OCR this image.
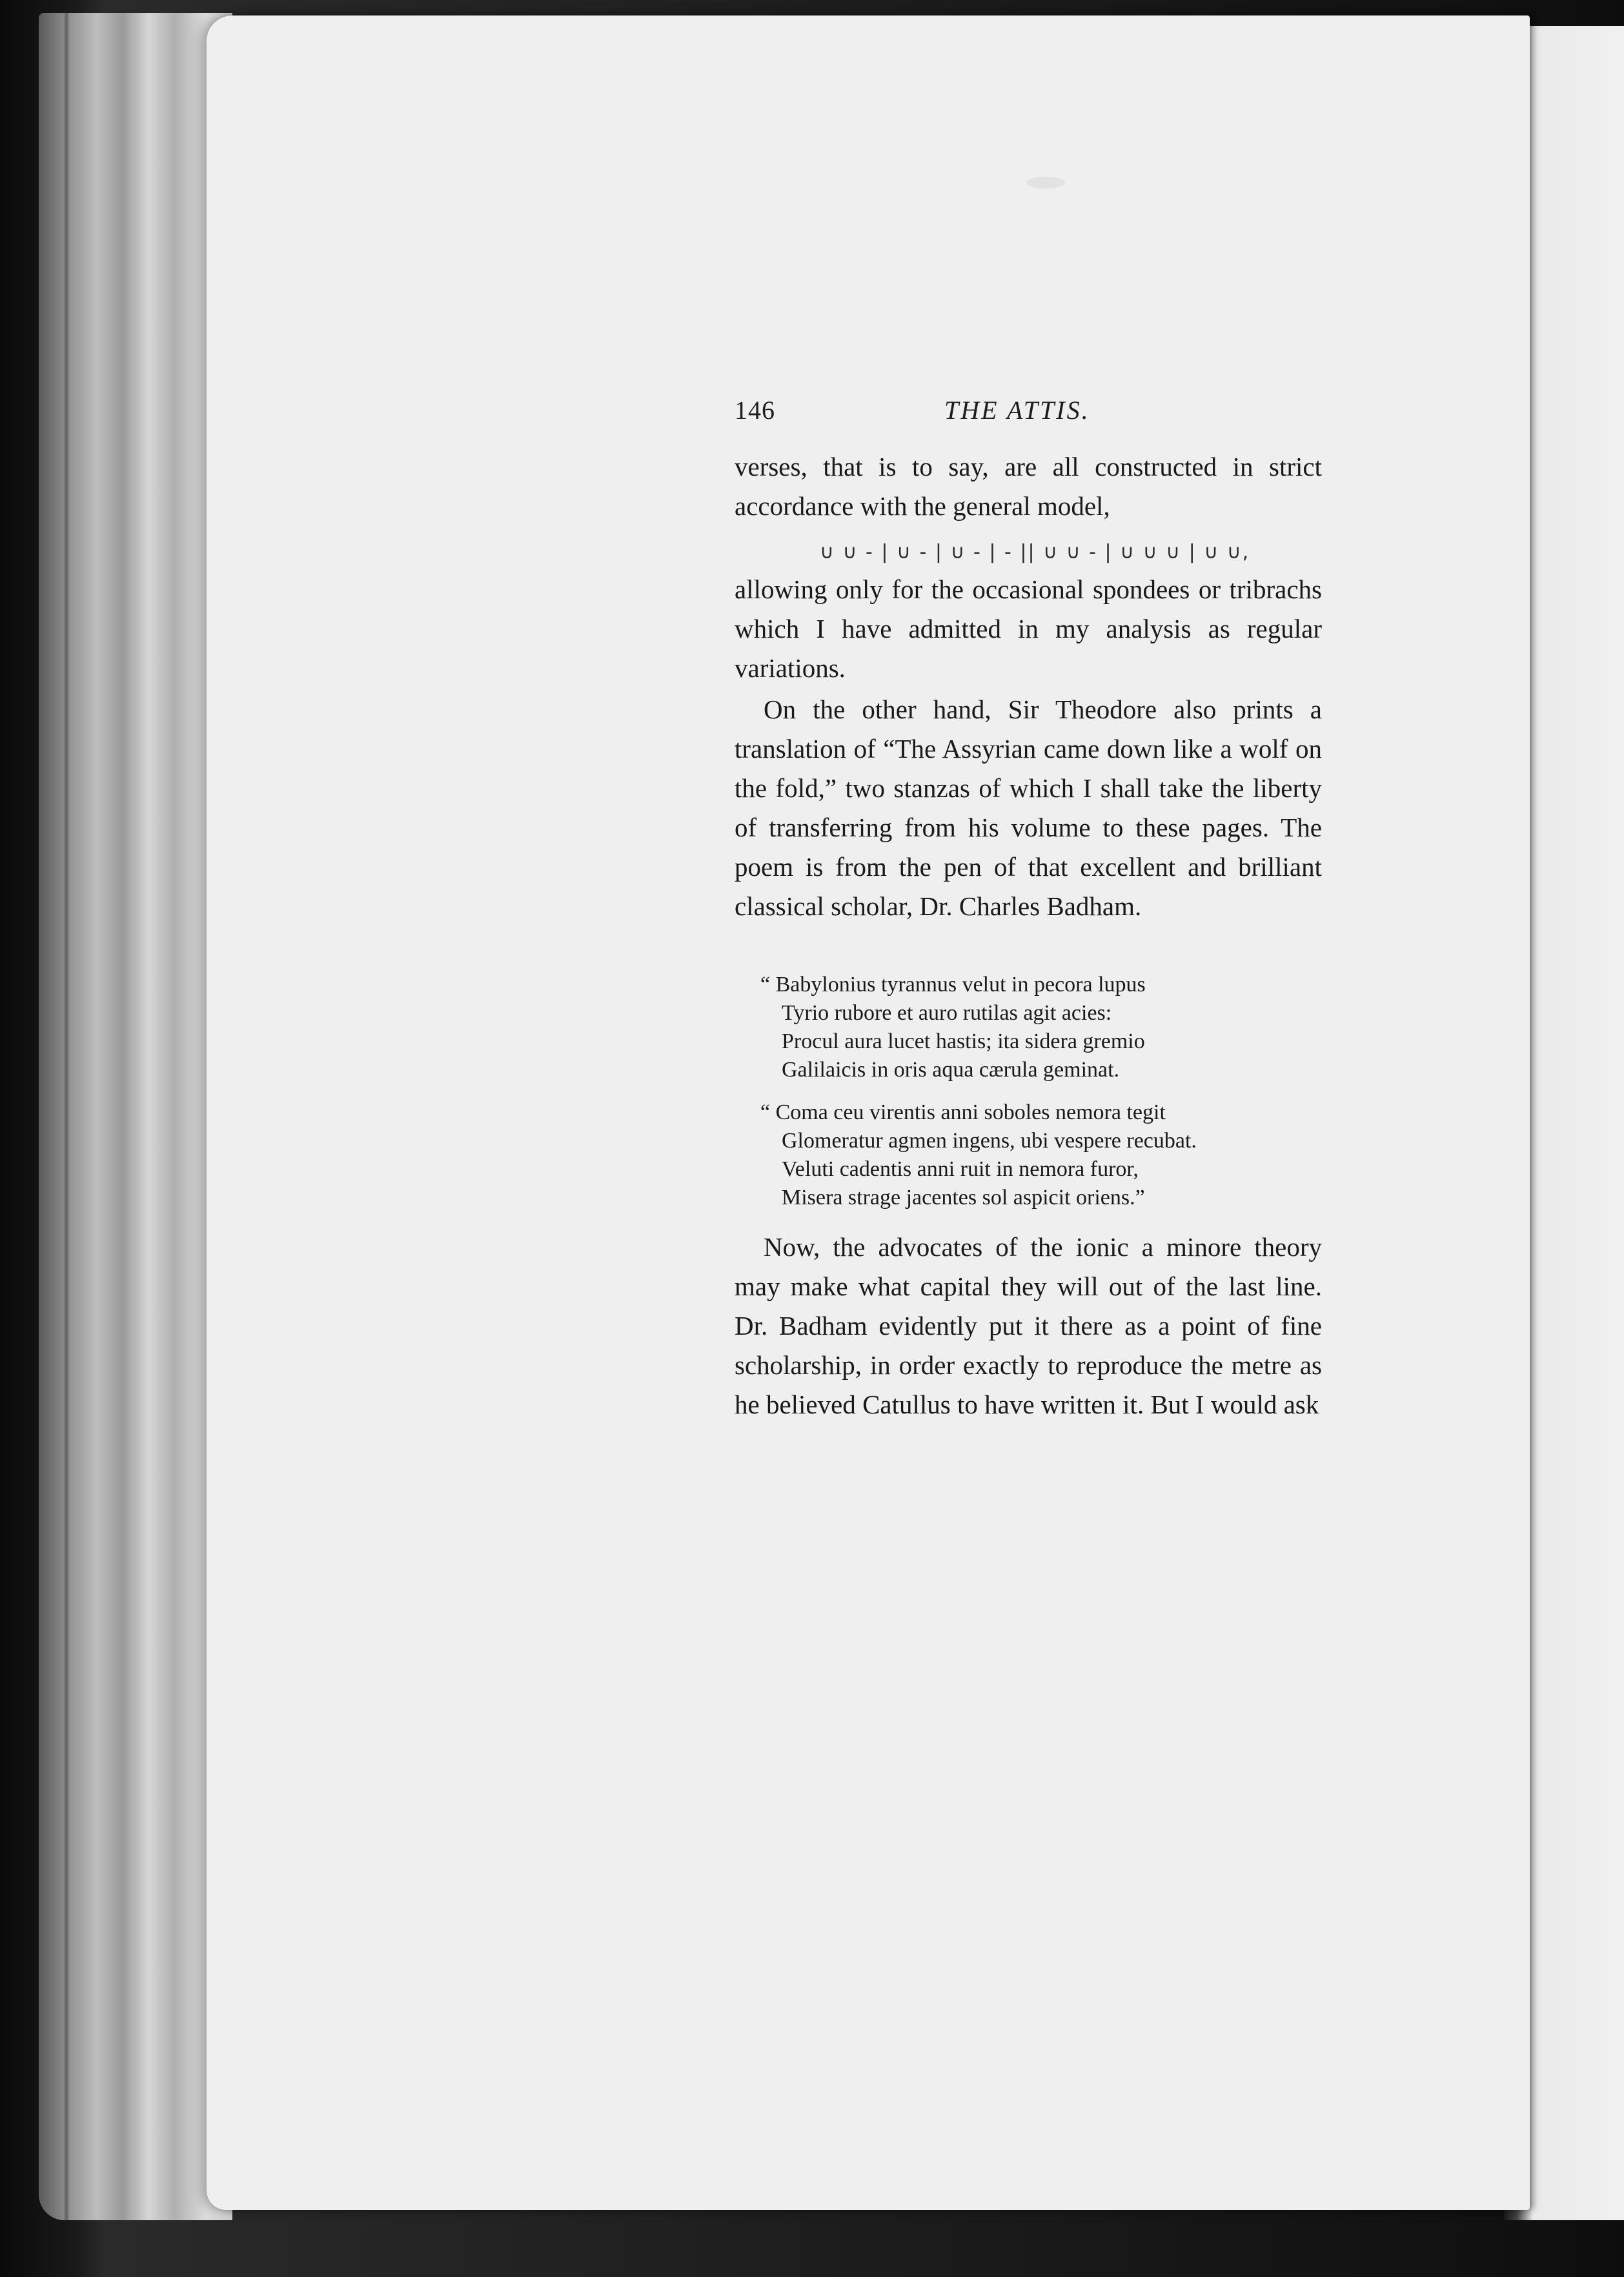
146	THE ATTIS.

verses, that is to say, are all constructed in strict accordance with the general model,

∪ ∪ - | ∪ - | ∪ - | - || ∪ ∪ - | ∪ ∪ ∪ | ∪ ∪,

allowing only for the occasional spondees or tribrachs which I have admitted in my analysis as regular variations.

On the other hand, Sir Theodore also prints a translation of “The Assyrian came down like a wolf on the fold,” two stanzas of which I shall take the liberty of transferring from his volume to these pages. The poem is from the pen of that excellent and brilliant classical scholar, Dr. Charles Badham.

“ Babylonius tyrannus velut in pecora lupus
Tyrio rubore et auro rutilas agit acies:
Procul aura lucet hastis; ita sidera gremio
Galilaicis in oris aqua cærula geminat.
“ Coma ceu virentis anni soboles nemora tegit
Glomeratur agmen ingens, ubi vespere recubat.
Veluti cadentis anni ruit in nemora furor,
Misera strage jacentes sol aspicit oriens.”

Now, the advocates of the ionic a minore theory may make what capital they will out of the last line. Dr. Badham evidently put it there as a point of fine scholarship, in order exactly to reproduce the metre as he believed Catullus to have written it. But I would ask
